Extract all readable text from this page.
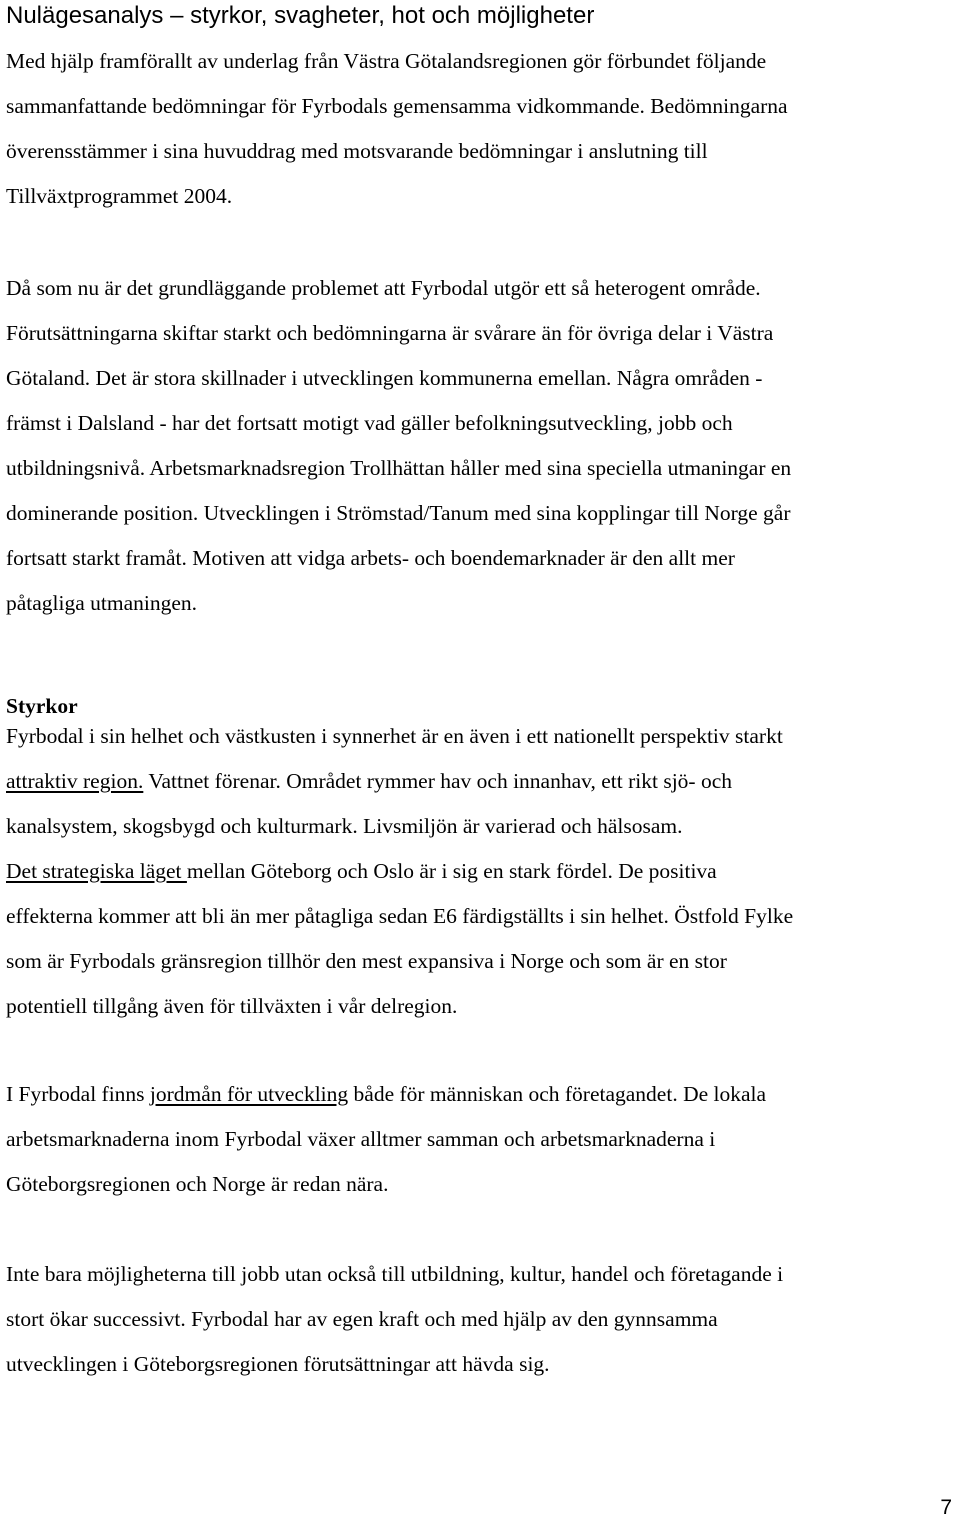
Nulägesanalys – styrkor, svagheter, hot och möjligheter
Med hjälp framförallt av underlag från Västra Götalandsregionen gör förbundet följande
sammanfattande bedömningar för Fyrbodals gemensamma vidkommande. Bedömningarna
överensstämmer i sina huvuddrag med motsvarande bedömningar i anslutning till
Tillväxtprogrammet 2004.
Då som nu är det grundläggande problemet att Fyrbodal utgör ett så heterogent område.
Förutsättningarna skiftar starkt och bedömningarna är svårare än för övriga delar i Västra
Götaland. Det är stora skillnader i utvecklingen kommunerna emellan. Några områden -
främst i Dalsland - har det fortsatt motigt vad gäller befolkningsutveckling, jobb och
utbildningsnivå. Arbetsmarknadsregion Trollhättan håller med sina speciella utmaningar en
dominerande position. Utvecklingen i Strömstad/Tanum med sina kopplingar till Norge går
fortsatt starkt framåt. Motiven att vidga arbets- och boendemarknader är den allt mer
påtagliga utmaningen.
Styrkor
Fyrbodal i sin helhet och västkusten i synnerhet är en även i ett nationellt perspektiv starkt
attraktiv region. Vattnet förenar. Området rymmer hav och innanhav, ett rikt sjö- och
kanalsystem, skogsbygd och kulturmark. Livsmiljön är varierad och hälsosam.
Det strategiska läget mellan Göteborg och Oslo är i sig en stark fördel. De positiva
effekterna kommer att bli än mer påtagliga sedan E6 färdigställts i sin helhet. Östfold Fylke
som är Fyrbodals gränsregion tillhör den mest expansiva i Norge och som är en stor
potentiell tillgång även för tillväxten i vår delregion.
I Fyrbodal finns jordmån för utveckling både för människan och företagandet. De lokala
arbetsmarknaderna inom Fyrbodal växer alltmer samman och arbetsmarknaderna i
Göteborgsregionen och Norge är redan nära.
Inte bara möjligheterna till jobb utan också till utbildning, kultur, handel och företagande i
stort ökar successivt. Fyrbodal har av egen kraft och med hjälp av den gynnsamma
utvecklingen i Göteborgsregionen förutsättningar att hävda sig.
7
